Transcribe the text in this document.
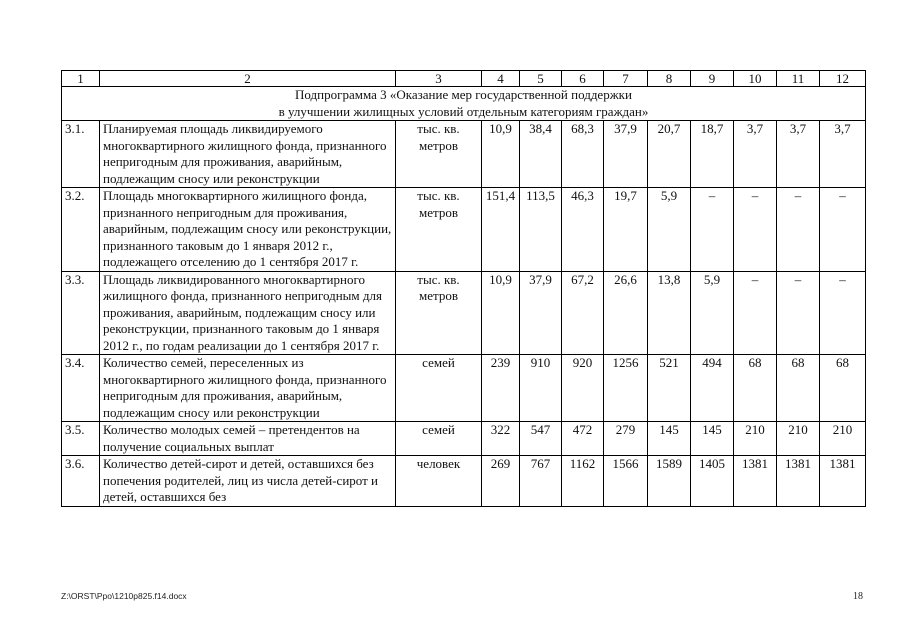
1	2	3	4	5	6	7	8	9	10	11	12

Подпрограмма 3 «Оказание мер государственной поддержки
в улучшении жилищных условий отдельным категориям граждан»											

3.1.	Планируемая площадь ликвидируемого многоквартирного жилищного фонда, признанного непригодным для проживания, аварийным, подлежащим сносу или реконструкции	тыс. кв. метров	10,9	38,4	68,3	37,9	20,7	18,7	3,7	3,7	3,7
3.2.	Площадь многоквартирного жилищного фонда, признанного непригодным для проживания, аварийным, подлежащим сносу или реконструкции, признанного таковым до 1 января 2012 г., подлежащего отселению до 1 сентября 2017 г.	тыс. кв. метров	151,4	113,5	46,3	19,7	5,9	–	–	–	–
3.3.	Площадь ликвидированного многоквартирного жилищного фонда, признанного непригодным для проживания, аварийным, подлежащим сносу или реконструкции, признанного таковым до 1 января 2012 г., по годам реализации до 1 сентября 2017 г.	тыс. кв. метров	10,9	37,9	67,2	26,6	13,8	5,9	–	–	–
3.4.	Количество семей, переселенных из многоквартирного жилищного фонда, признанного непригодным для проживания, аварийным, подлежащим сносу или реконструкции	семей	239	910	920	1256	521	494	68	68	68
3.5.	Количество молодых семей – претендентов на получение социальных выплат	семей	322	547	472	279	145	145	210	210	210
3.6.	Количество детей-сирот и детей, оставшихся без попечения родителей, лиц из числа детей-сирот и детей, оставшихся без	человек	269	767	1162	1566	1589	1405	1381	1381	1381
Z:\ORST\Ppo\1210p825.f14.docx	18
